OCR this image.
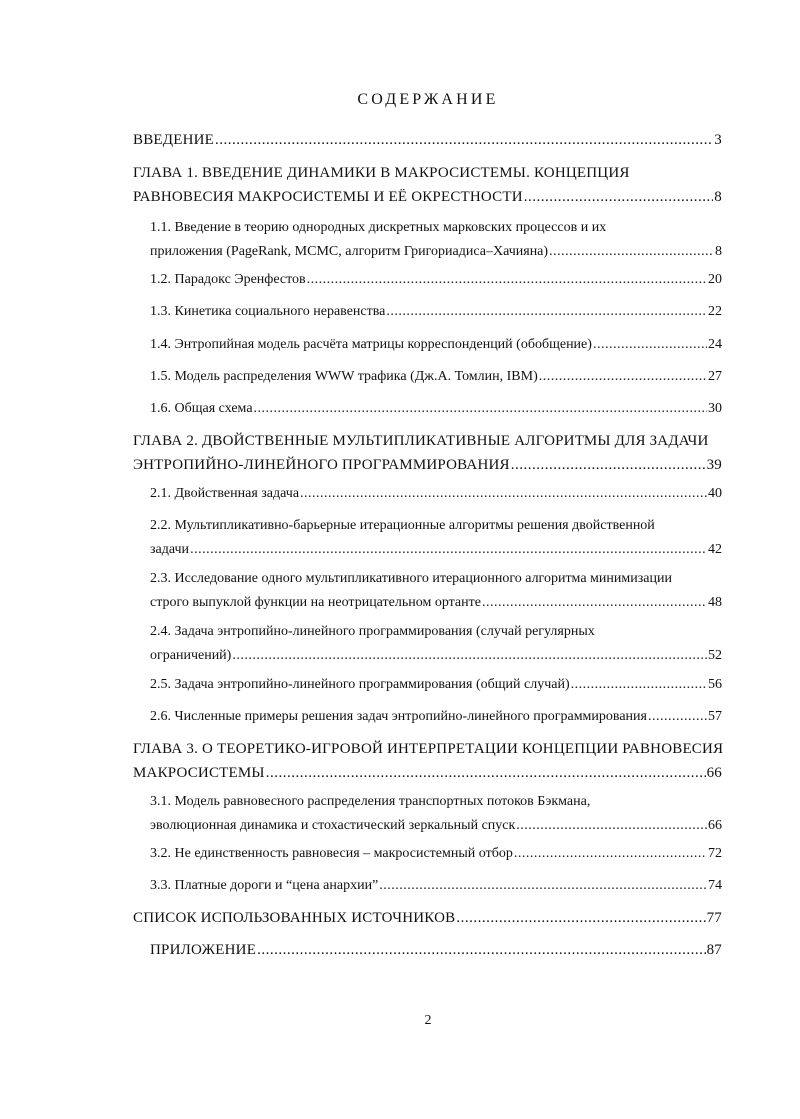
СОДЕРЖАНИЕ
ВВЕДЕНИЕ .....	3
ГЛАВА 1. ВВЕДЕНИЕ ДИНАМИКИ В МАКРОСИСТЕМЫ. КОНЦЕПЦИЯ
РАВНОВЕСИЯ МАКРОСИСТЕМЫ И ЕЁ ОКРЕСТНОСТИ .....	8
1.1. Введение в теорию однородных дискретных марковских процессов и их
приложения (PageRank, MCMC, алгоритм Григориадиса–Хачияна) .....	8
1.2. Парадокс Эренфестов .....	20
1.3. Кинетика социального неравенства .....	22
1.4. Энтропийная модель расчёта матрицы корреспонденций (обобщение) .....	24
1.5. Модель распределения WWW трафика (Дж.А. Томлин, IBM) .....	27
1.6. Общая схема .....	30
ГЛАВА 2. ДВОЙСТВЕННЫЕ МУЛЬТИПЛИКАТИВНЫЕ АЛГОРИТМЫ ДЛЯ ЗАДАЧИ
ЭНТРОПИЙНО-ЛИНЕЙНОГО ПРОГРАММИРОВАНИЯ .....	39
2.1. Двойственная задача .....	40
2.2. Мультипликативно-барьерные итерационные алгоритмы решения двойственной
задачи .....	42
2.3. Исследование одного мультипликативного итерационного алгоритма минимизации
строго выпуклой функции на неотрицательном ортанте .....	48
2.4. Задача энтропийно-линейного программирования (случай регулярных
ограничений) .....	52
2.5. Задача энтропийно-линейного программирования (общий случай) .....	56
2.6. Численные примеры решения задач энтропийно-линейного программирования .....	57
ГЛАВА 3. О ТЕОРЕТИКО-ИГРОВОЙ ИНТЕРПРЕТАЦИИ КОНЦЕПЦИИ РАВНОВЕСИЯ
МАКРОСИСТЕМЫ .....	66
3.1. Модель равновесного распределения транспортных потоков Бэкмана,
эволюционная динамика и стохастический зеркальный спуск .....	66
3.2. Не единственность равновесия – макросистемный отбор .....	72
3.3. Платные дороги и “цена анархии” .....	74
СПИСОК ИСПОЛЬЗОВАННЫХ ИСТОЧНИКОВ .....	77
ПРИЛОЖЕНИЕ .....	87
2
